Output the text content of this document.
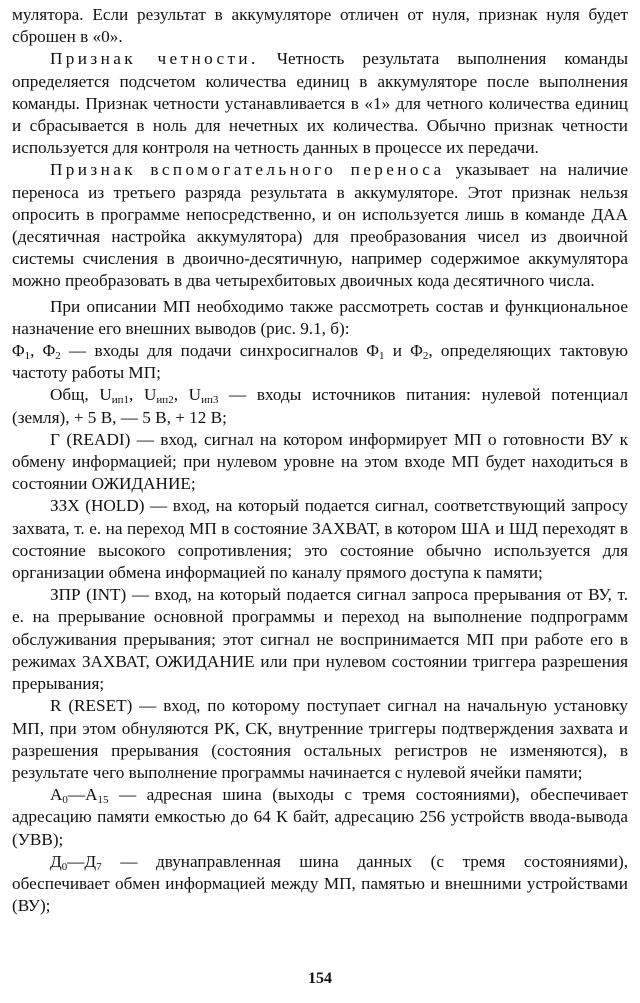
мулятора. Если результат в аккумуляторе отличен от нуля, признак нуля будет сброшен в «0».

Признак четности. Четность результата выполнения команды определяется подсчетом количества единиц в аккумуляторе после выполнения команды. Признак четности устанавливается в «1» для четного количества единиц и сбрасывается в ноль для нечетных их количества. Обычно признак четности используется для контроля на четность данных в процессе их передачи.

Признак вспомогательного переноса указывает на наличие переноса из третьего разряда результата в аккумуляторе. Этот признак нельзя опросить в программе непосредственно, и он используется лишь в команде ДАА (десятичная настройка аккумулятора) для преобразования чисел из двоичной системы счисления в двоично-десятичную, например содержимое аккумулятора можно преобразовать в два четырехбитовых двоичных кода десятичного числа.

При описании МП необходимо также рассмотреть состав и функциональное назначение его внешних выводов (рис. 9.1, б):

$\Phi_1$, $\Phi_2$ — входы для подачи синхросигналов $\Phi_1$ и $\Phi_2$, определяющих тактовую частоту работы МП;

Общ, $U_{ип1}$, $U_{ип2}$, $U_{ип3}$ — входы источников питания: нулевой потенциал (земля), + 5 В, — 5 В, + 12 В;

Г (READI) — вход, сигнал на котором информирует МП о готовности ВУ к обмену информацией; при нулевом уровне на этом входе МП будет находиться в состоянии ОЖИДАНИЕ;

ЗЗХ (HOLD) — вход, на который подается сигнал, соответствующий запросу захвата, т. е. на переход МП в состояние ЗАХВАТ, в котором ША и ШД переходят в состояние высокого сопротивления; это состояние обычно используется для организации обмена информацией по каналу прямого доступа к памяти;

ЗПР (INT) — вход, на который подается сигнал запроса прерывания от ВУ, т. е. на прерывание основной программы и переход на выполнение подпрограмм обслуживания прерывания; этот сигнал не воспринимается МП при работе его в режимах ЗАХВАТ, ОЖИДАНИЕ или при нулевом состоянии триггера разрешения прерывания;

R (RESET) — вход, по которому поступает сигнал на начальную установку МП, при этом обнуляются РК, СК, внутренние триггеры подтверждения захвата и разрешения прерывания (состояния остальных регистров не изменяются), в результате чего выполнение программы начинается с нулевой ячейки памяти;

$А_0—А_{15}$ — адресная шина (выходы с тремя состояниями), обеспечивает адресацию памяти емкостью до 64 К байт, адресацию 256 устройств ввода-вывода (УВВ);

$Д_0—Д_7$ — двунаправленная шина данных (с тремя состояниями), обеспечивает обмен информацией между МП, памятью и внешними устройствами (ВУ);

154
